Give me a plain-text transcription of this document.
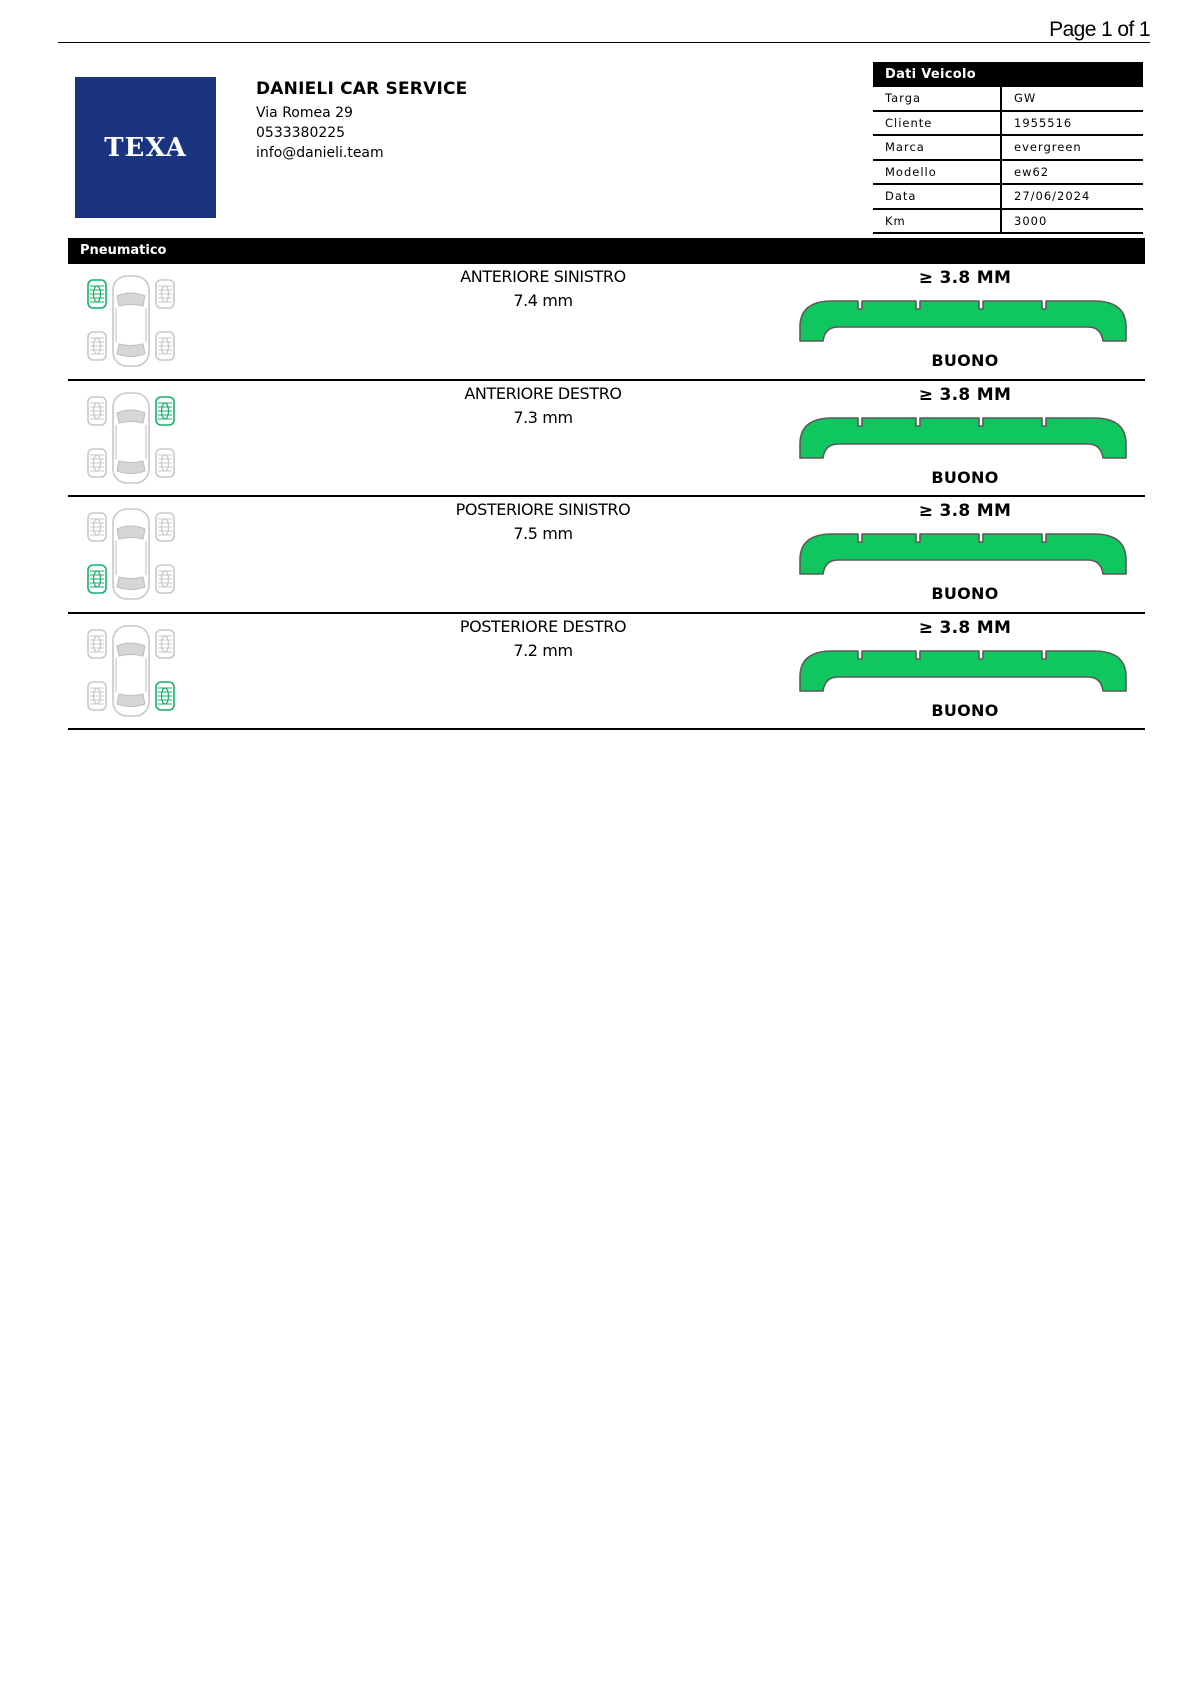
Page 1 of 1
TEXA
DANIELI CAR SERVICE
Via Romea 29
0533380225
info@danieli.team
Dati Veicolo	
Targa	GW
Cliente	1955516
Marca	evergreen
Modello	ew62
Data	27/06/2024
Km	3000
Pneumatico
ANTERIORE SINISTRO
7.4 mm
≥ 3.8 MM
BUONO
ANTERIORE DESTRO
7.3 mm
≥ 3.8 MM
BUONO
POSTERIORE SINISTRO
7.5 mm
≥ 3.8 MM
BUONO
POSTERIORE DESTRO
7.2 mm
≥ 3.8 MM
BUONO
